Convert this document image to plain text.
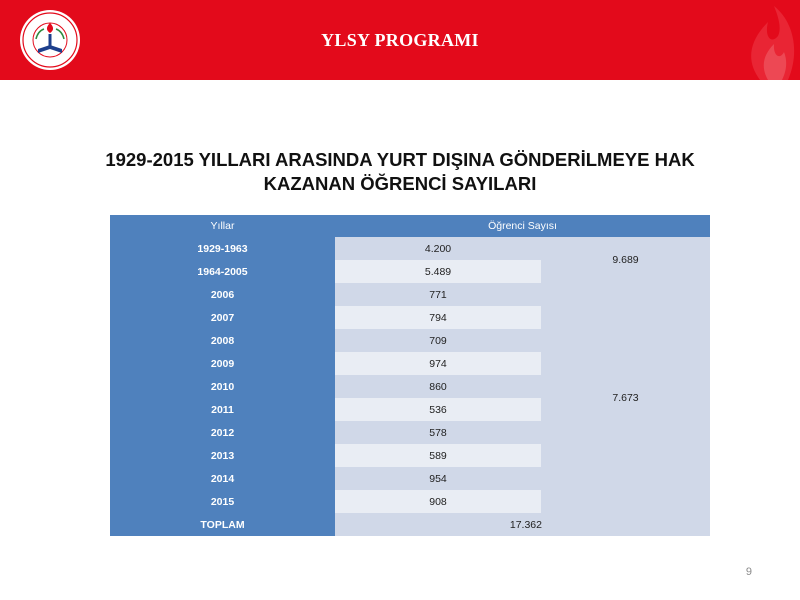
YLSY PROGRAMI
1929-2015 YILLARI ARASINDA YURT DIŞINA GÖNDERİLMEYE HAK
KAZANAN ÖĞRENCİ SAYILARI
Yıllar	Öğrenci Sayısı	
1929-1963	4.200	9.689
1964-2005	5.489	
2006	771	7.673
2007	794	
2008	709	
2009	974	
2010	860	
2011	536	
2012	578	
2013	589	
2014	954	
2015	908	
TOPLAM	17.362	
9
